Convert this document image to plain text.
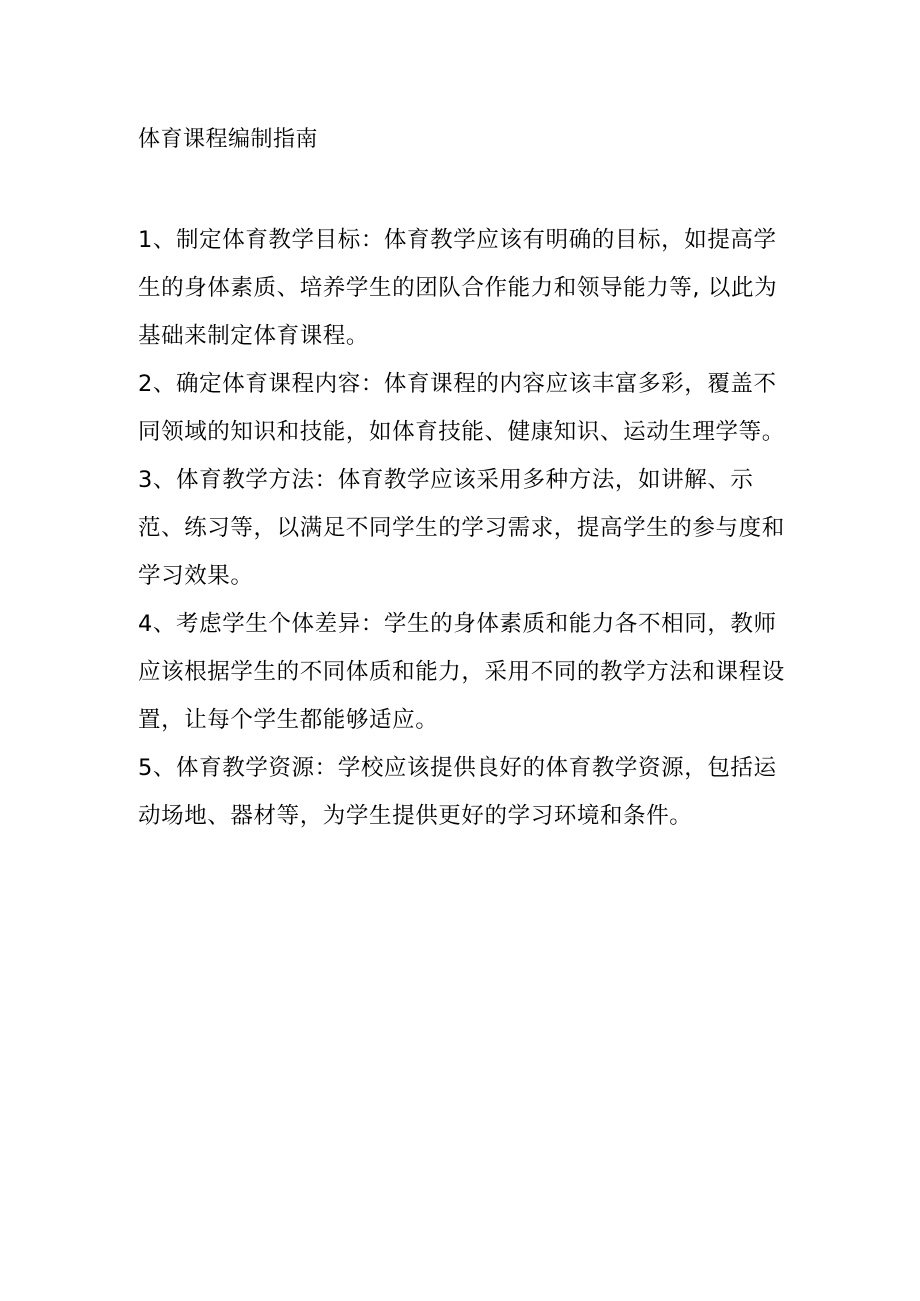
体育课程编制指南

1、制定体育教学目标：体育教学应该有明确的目标，如提高学生的身体素质、培养学生的团队合作能力和领导能力等, 以此为基础来制定体育课程。

2、确定体育课程内容：体育课程的内容应该丰富多彩，覆盖不同领域的知识和技能，如体育技能、健康知识、运动生理学等。

3、体育教学方法：体育教学应该采用多种方法，如讲解、示范、练习等，以满足不同学生的学习需求，提高学生的参与度和学习效果。

4、考虑学生个体差异：学生的身体素质和能力各不相同，教师应该根据学生的不同体质和能力，采用不同的教学方法和课程设置，让每个学生都能够适应。

5、体育教学资源：学校应该提供良好的体育教学资源，包括运动场地、器材等，为学生提供更好的学习环境和条件。
